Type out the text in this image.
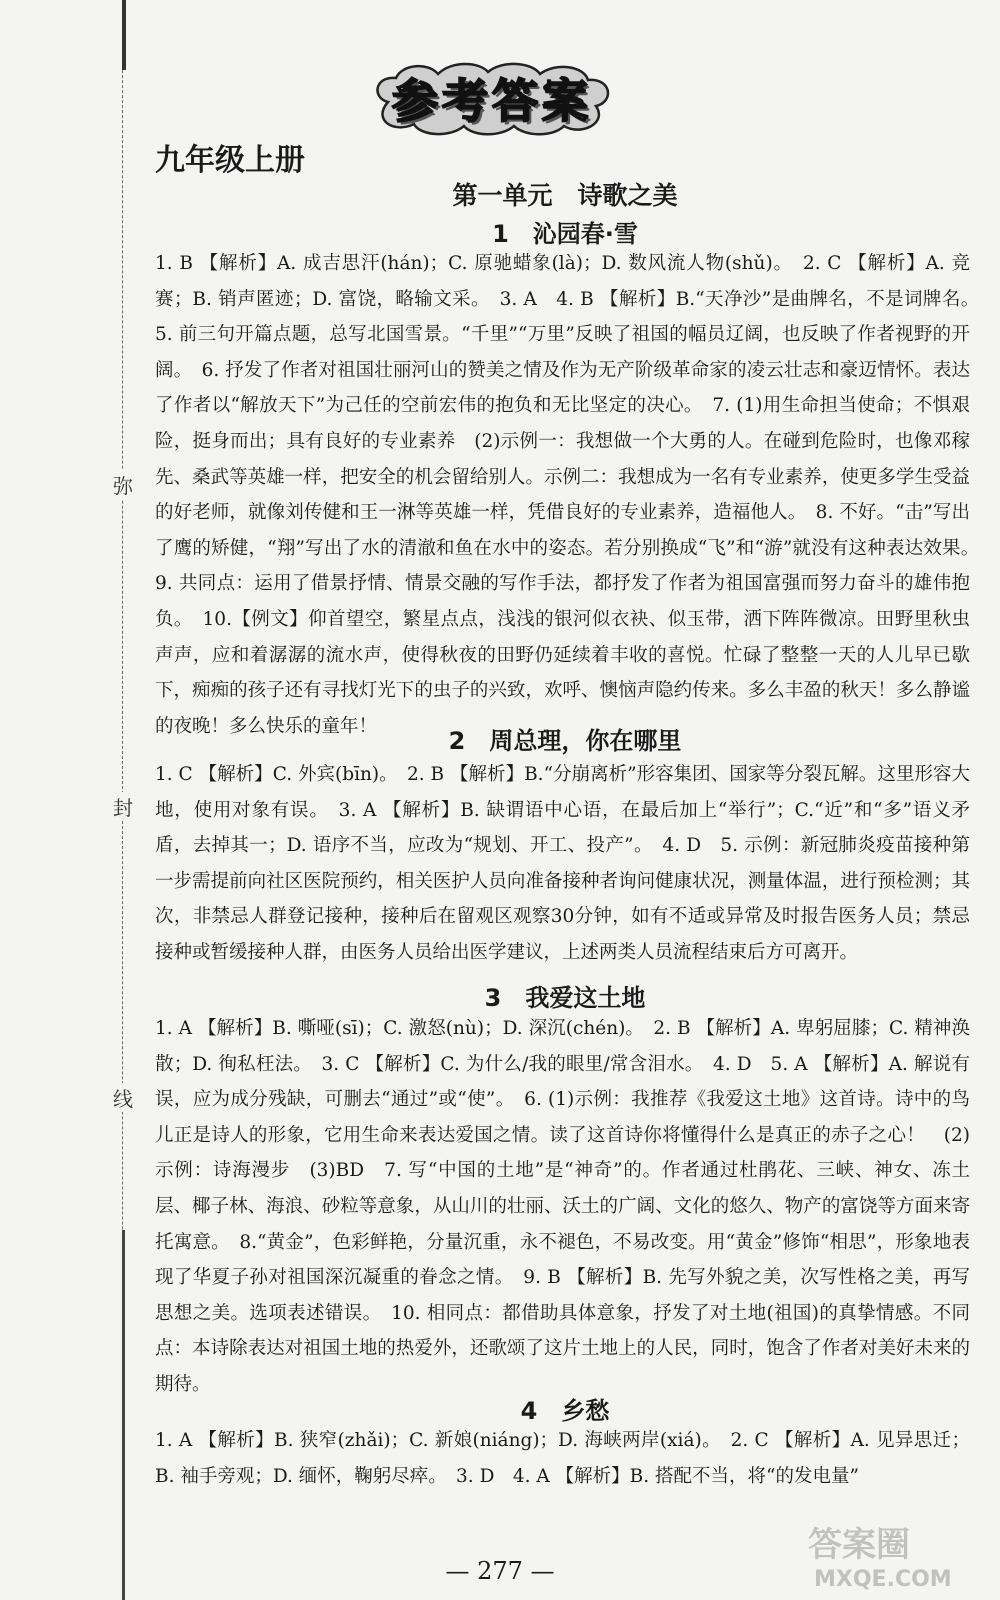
弥
封
线
参考答案
九年级上册
第一单元　诗歌之美
1　沁园春·雪

1. B 【解析】A. 成吉思汗(hán)；C. 原驰蜡象(là)；D. 数风流人物(shǔ)。　2. C 【解析】A. 竞赛；B. 销声匿迹；D. 富饶，略输文采。　3. A　4. B 【解析】B.“天净沙”是曲牌名，不是词牌名。　5. 前三句开篇点题，总写北国雪景。“千里”“万里”反映了祖国的幅员辽阔，也反映了作者视野的开阔。　6. 抒发了作者对祖国壮丽河山的赞美之情及作为无产阶级革命家的凌云壮志和豪迈情怀。表达了作者以“解放天下”为己任的空前宏伟的抱负和无比坚定的决心。　7. (1)用生命担当使命；不惧艰险，挺身而出；具有良好的专业素养　(2)示例一：我想做一个大勇的人。在碰到危险时，也像邓稼先、桑武等英雄一样，把安全的机会留给别人。示例二：我想成为一名有专业素养，使更多学生受益的好老师，就像刘传健和王一淋等英雄一样，凭借良好的专业素养，造福他人。　8. 不好。“击”写出了鹰的矫健，“翔”写出了水的清澈和鱼在水中的姿态。若分别换成“飞”和“游”就没有这种表达效果。　9. 共同点：运用了借景抒情、情景交融的写作手法，都抒发了作者为祖国富强而努力奋斗的雄伟抱负。　10.【例文】仰首望空，繁星点点，浅浅的银河似衣袂、似玉带，洒下阵阵微凉。田野里秋虫声声，应和着潺潺的流水声，使得秋夜的田野仍延续着丰收的喜悦。忙碌了整整一天的人儿早已歇下，痴痴的孩子还有寻找灯光下的虫子的兴致，欢呼、懊恼声隐约传来。多么丰盈的秋天！多么静谧的夜晚！多么快乐的童年！

2　周总理，你在哪里

1. C 【解析】C. 外宾(bīn)。　2. B 【解析】B.“分崩离析”形容集团、国家等分裂瓦解。这里形容大地，使用对象有误。　3. A 【解析】B. 缺谓语中心语，在最后加上“举行”；C.“近”和“多”语义矛盾，去掉其一；D. 语序不当，应改为“规划、开工、投产”。　4. D　5. 示例：新冠肺炎疫苗接种第一步需提前向社区医院预约，相关医护人员向准备接种者询问健康状况，测量体温，进行预检测；其次，非禁忌人群登记接种，接种后在留观区观察30分钟，如有不适或异常及时报告医务人员；禁忌接种或暂缓接种人群，由医务人员给出医学建议，上述两类人员流程结束后方可离开。

3　我爱这土地

1. A 【解析】B. 嘶哑(sī)；C. 激怒(nù)；D. 深沉(chén)。　2. B 【解析】A. 卑躬屈膝；C. 精神涣散；D. 徇私枉法。　3. C 【解析】C. 为什么/我的眼里/常含泪水。　4. D　5. A 【解析】A. 解说有误，应为成分残缺，可删去“通过”或“使”。　6. (1)示例：我推荐《我爱这土地》这首诗。诗中的鸟儿正是诗人的形象，它用生命来表达爱国之情。读了这首诗你将懂得什么是真正的赤子之心！　(2)示例：诗海漫步　(3)BD　7. 写“中国的土地”是“神奇”的。作者通过杜鹃花、三峡、神女、冻土层、椰子林、海浪、砂粒等意象，从山川的壮丽、沃土的广阔、文化的悠久、物产的富饶等方面来寄托寓意。　8.“黄金”，色彩鲜艳，分量沉重，永不褪色，不易改变。用“黄金”修饰“相思”，形象地表现了华夏子孙对祖国深沉凝重的眷念之情。　9. B 【解析】B. 先写外貌之美，次写性格之美，再写思想之美。选项表述错误。　10. 相同点：都借助具体意象，抒发了对土地(祖国)的真挚情感。不同点：本诗除表达对祖国土地的热爱外，还歌颂了这片土地上的人民，同时，饱含了作者对美好未来的期待。

4　乡愁

1. A 【解析】B. 狭窄(zhǎi)；C. 新娘(niáng)；D. 海峡两岸(xiá)。　2. C 【解析】A. 见异思迁；B. 袖手旁观；D. 缅怀，鞠躬尽瘁。　3. D　4. A 【解析】B. 搭配不当，将“的发电量”

— 277 —
答案圈
MXQE.COM
